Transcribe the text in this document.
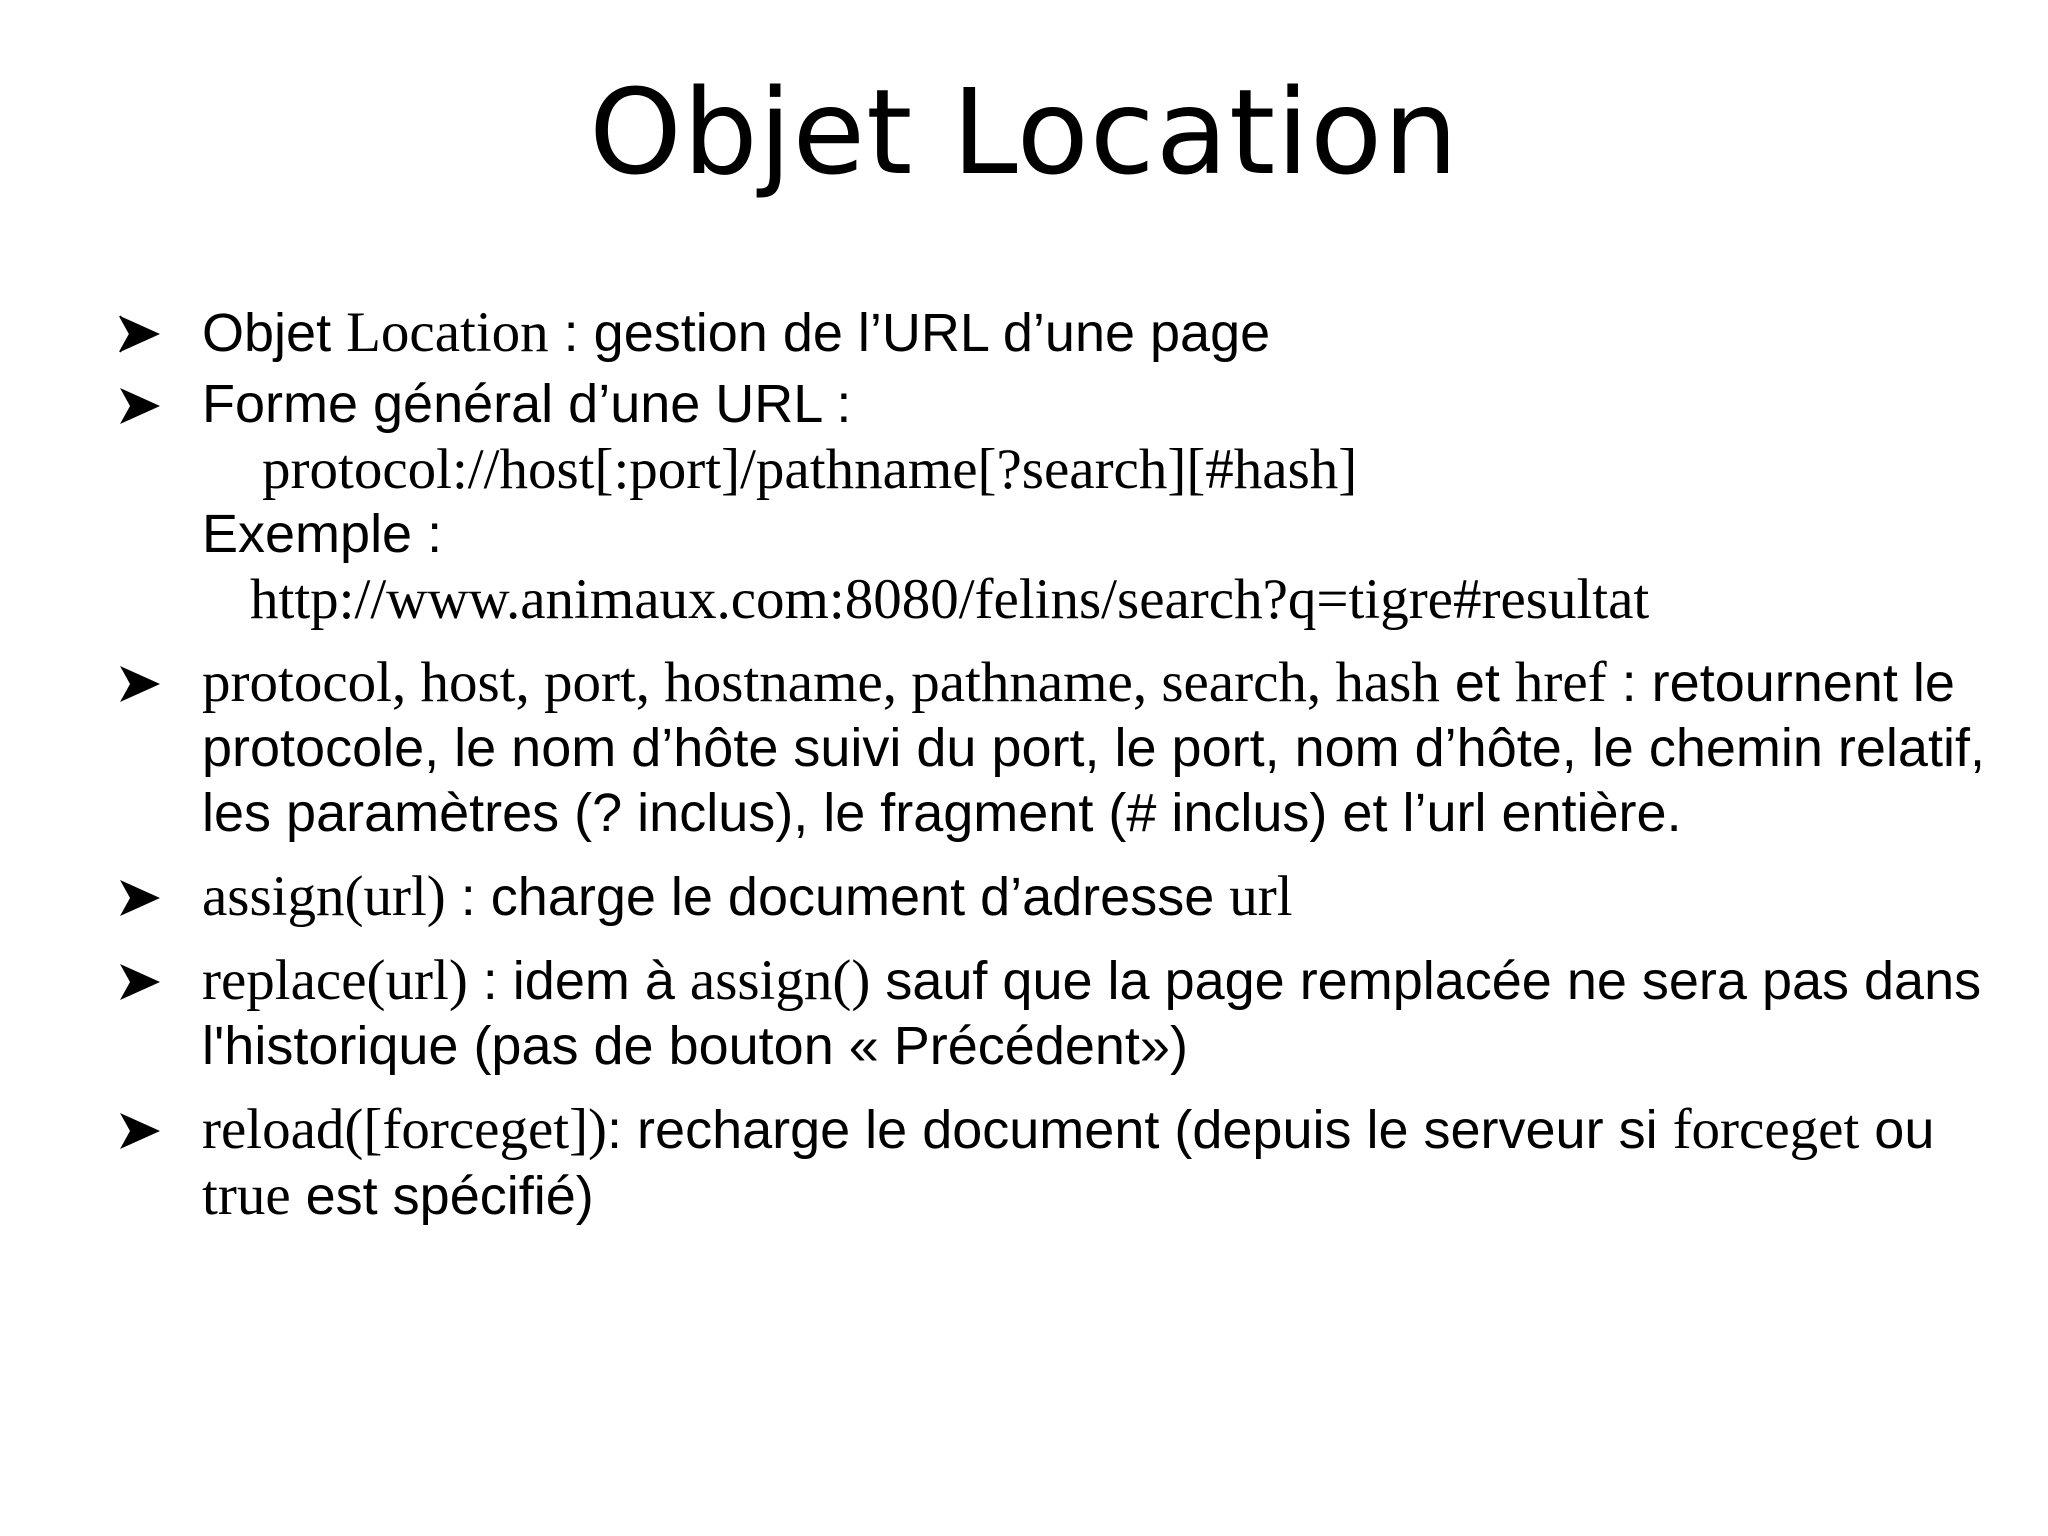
Objet Location
Objet Location : gestion de l’URL d’une page
Forme général d’une URL :
protocol://host[:port]/pathname[?search][#hash]
Exemple :
http://www.animaux.com:8080/felins/search?q=tigre#resultat
protocol, host, port, hostname, pathname, search, hash et href : retournent le protocole, le nom d’hôte suivi du port, le port, nom d’hôte, le chemin relatif, les paramètres (? inclus), le fragment (# inclus) et l’url entière.
assign(url) : charge le document d’adresse url
replace(url) : idem à assign() sauf que la page remplacée ne sera pas dans l'historique (pas de bouton « Précédent»)
reload([forceget]): recharge le document (depuis le serveur si forceget ou true est spécifié)
